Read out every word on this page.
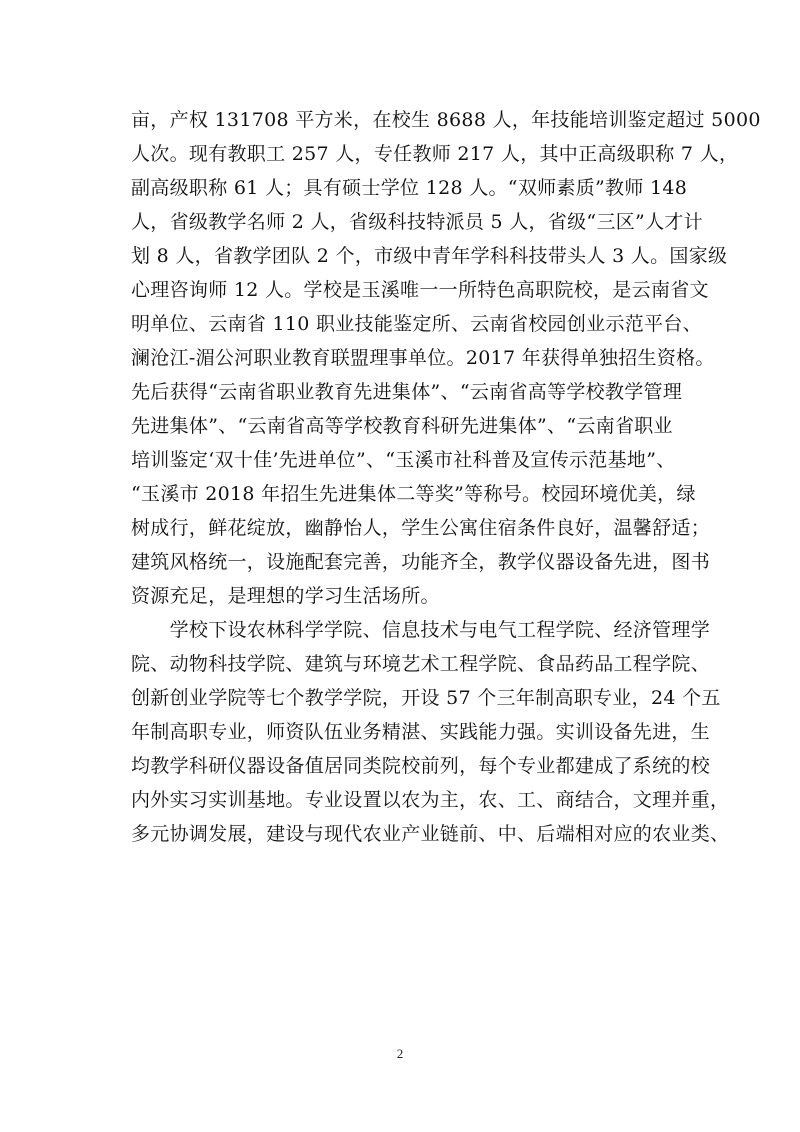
亩，产权 131708 平方米，在校生 8688 人，年技能培训鉴定超过 5000
人次。现有教职工 257 人，专任教师 217 人，其中正高级职称 7 人，
副高级职称 61 人；具有硕士学位 128 人。“双师素质”教师 148
人，省级教学名师 2 人，省级科技特派员 5 人，省级“三区”人才计
划 8 人，省教学团队 2 个，市级中青年学科科技带头人 3 人。国家级
心理咨询师 12 人。学校是玉溪唯一一所特色高职院校，是云南省文
明单位、云南省 110 职业技能鉴定所、云南省校园创业示范平台、
澜沧江-湄公河职业教育联盟理事单位。2017 年获得单独招生资格。
先后获得“云南省职业教育先进集体”、“云南省高等学校教学管理
先进集体”、“云南省高等学校教育科研先进集体”、“云南省职业
培训鉴定‘双十佳’先进单位”、“玉溪市社科普及宣传示范基地”、
“玉溪市 2018 年招生先进集体二等奖”等称号。校园环境优美，绿
树成行，鲜花绽放，幽静怡人，学生公寓住宿条件良好，温馨舒适；
建筑风格统一，设施配套完善，功能齐全，教学仪器设备先进，图书
资源充足，是理想的学习生活场所。
　　学校下设农林科学学院、信息技术与电气工程学院、经济管理学
院、动物科技学院、建筑与环境艺术工程学院、食品药品工程学院、
创新创业学院等七个教学学院，开设 57 个三年制高职专业，24 个五
年制高职专业，师资队伍业务精湛、实践能力强。实训设备先进，生
均教学科研仪器设备值居同类院校前列，每个专业都建成了系统的校
内外实习实训基地。专业设置以农为主，农、工、商结合，文理并重，
多元协调发展，建设与现代农业产业链前、中、后端相对应的农业类、
2
